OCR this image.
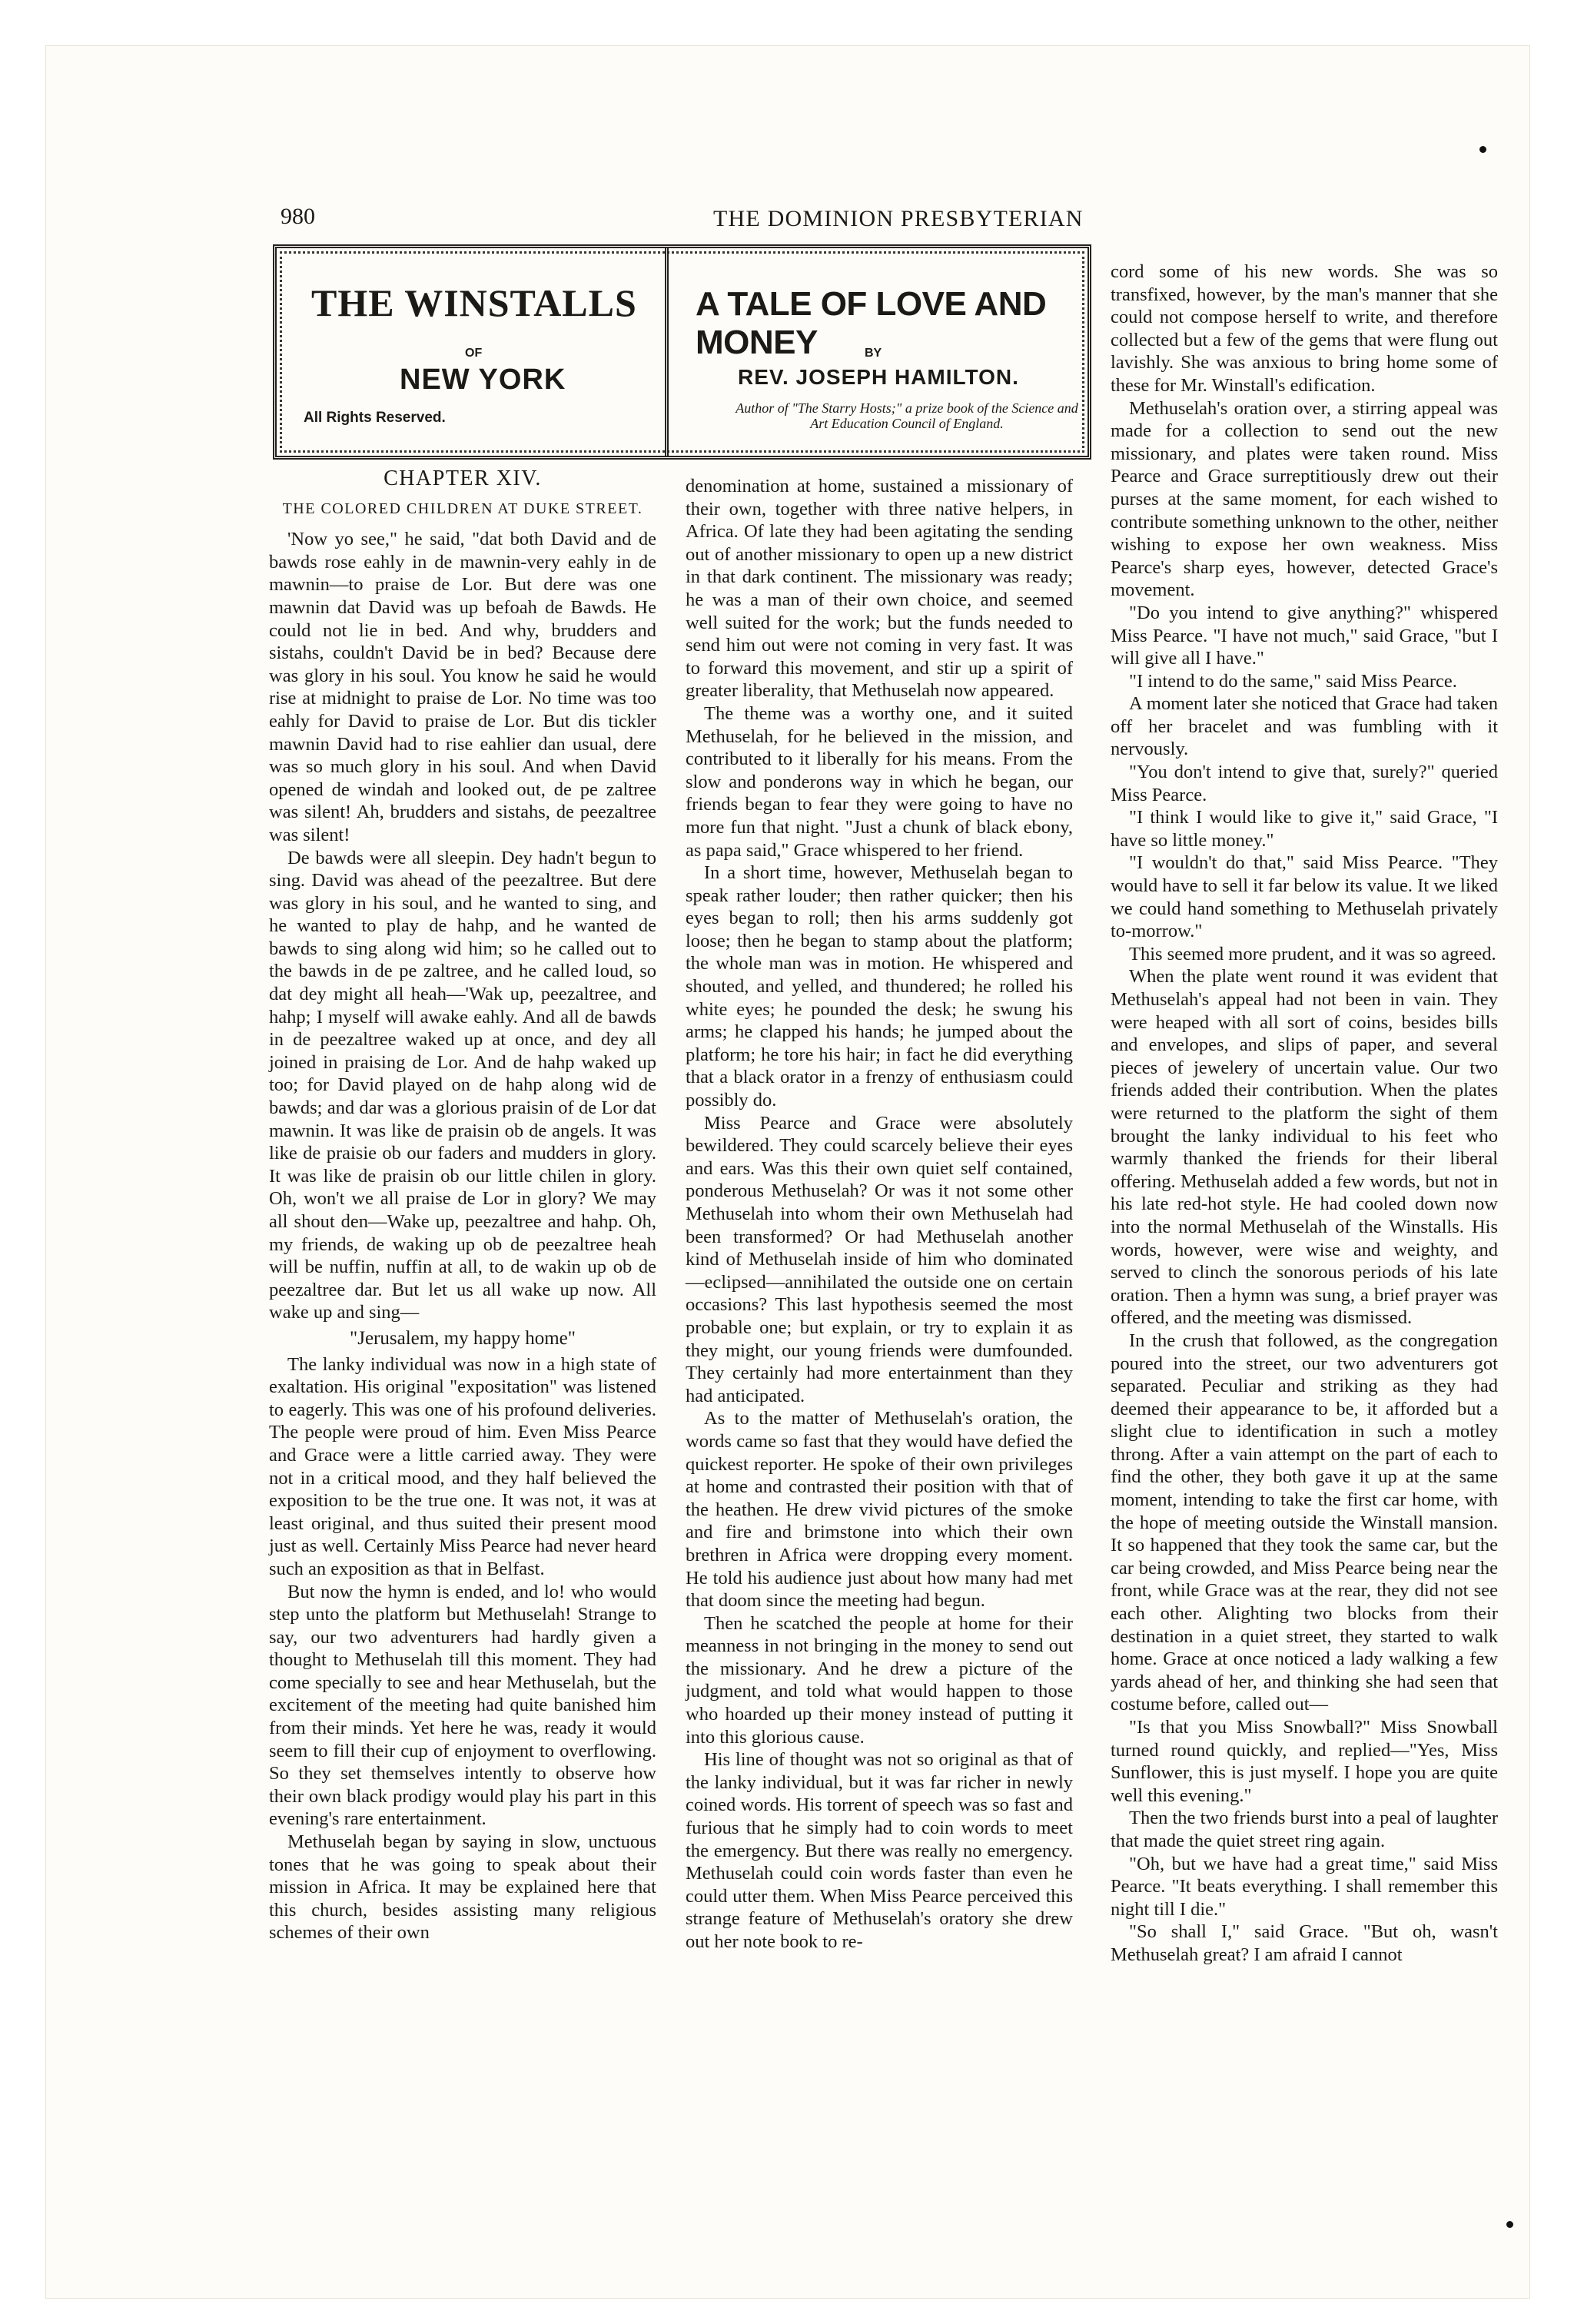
980	THE DOMINION PRESBYTERIAN
THE WINSTALLS
OF
NEW YORK
All Rights Reserved.
A TALE OF LOVE AND MONEY	BY
REV. JOSEPH HAMILTON.
Author of "The Starry Hosts;" a prize book of the Science and Art Education Council of England.
CHAPTER XIV.
THE COLORED CHILDREN AT DUKE STREET.

'Now yo see," he said, "dat both David and de bawds rose eahly in de mawnin-very eahly in de mawnin—to praise de Lor. But dere was one mawnin dat David was up befoah de Bawds. He could not lie in bed. And why, brudders and sistahs, couldn't David be in bed? Because dere was glory in his soul. You know he said he would rise at midnight to praise de Lor. No time was too eahly for David to praise de Lor. But dis tickler mawnin David had to rise eahlier dan usual, dere was so much glory in his soul. And when David opened de windah and looked out, de pe zaltree was silent! Ah, brudders and sistahs, de peezaltree was silent!

De bawds were all sleepin. Dey hadn't begun to sing. David was ahead of the peezaltree. But dere was glory in his soul, and he wanted to sing, and he wanted to play de hahp, and he wanted de bawds to sing along wid him; so he called out to the bawds in de pe zaltree, and he called loud, so dat dey might all heah—'Wak up, peezaltree, and hahp; I myself will awake eahly. And all de bawds in de peezaltree waked up at once, and dey all joined in praising de Lor. And de hahp waked up too; for David played on de hahp along wid de bawds; and dar was a glorious praisin of de Lor dat mawnin. It was like de praisin ob de angels. It was like de praisie ob our faders and mudders in glory. It was like de praisin ob our little chilen in glory. Oh, won't we all praise de Lor in glory? We may all shout den—Wake up, peezaltree and hahp. Oh, my friends, de waking up ob de peezaltree heah will be nuffin, nuffin at all, to de wakin up ob de peezaltree dar. But let us all wake up now. All wake up and sing—

"Jerusalem, my happy home"

The lanky individual was now in a high state of exaltation. His original "expositation" was listened to eagerly. This was one of his profound deliveries. The people were proud of him. Even Miss Pearce and Grace were a little carried away. They were not in a critical mood, and they half believed the exposition to be the true one. It was not, it was at least original, and thus suited their present mood just as well. Certainly Miss Pearce had never heard such an exposition as that in Belfast.

But now the hymn is ended, and lo! who would step unto the platform but Methuselah! Strange to say, our two adventurers had hardly given a thought to Methuselah till this moment. They had come specially to see and hear Methuselah, but the excitement of the meeting had quite banished him from their minds. Yet here he was, ready it would seem to fill their cup of enjoyment to overflowing. So they set themselves intently to observe how their own black prodigy would play his part in this evening's rare entertainment.

Methuselah began by saying in slow, unctuous tones that he was going to speak about their mission in Africa. It may be explained here that this church, besides assisting many religious schemes of their own

denomination at home, sustained a missionary of their own, together with three native helpers, in Africa. Of late they had been agitating the sending out of another missionary to open up a new district in that dark continent. The missionary was ready; he was a man of their own choice, and seemed well suited for the work; but the funds needed to send him out were not coming in very fast. It was to forward this movement, and stir up a spirit of greater liberality, that Methuselah now appeared.

The theme was a worthy one, and it suited Methuselah, for he believed in the mission, and contributed to it liberally for his means. From the slow and ponderons way in which he began, our friends began to fear they were going to have no more fun that night. "Just a chunk of black ebony, as papa said," Grace whispered to her friend.

In a short time, however, Methuselah began to speak rather louder; then rather quicker; then his eyes began to roll; then his arms suddenly got loose; then he began to stamp about the platform; the whole man was in motion. He whispered and shouted, and yelled, and thundered; he rolled his white eyes; he pounded the desk; he swung his arms; he clapped his hands; he jumped about the platform; he tore his hair; in fact he did everything that a black orator in a frenzy of enthusiasm could possibly do.

Miss Pearce and Grace were absolutely bewildered. They could scarcely believe their eyes and ears. Was this their own quiet self contained, ponderous Methuselah? Or was it not some other Methuselah into whom their own Methuselah had been transformed? Or had Methuselah another kind of Methuselah inside of him who dominated—eclipsed—annihilated the outside one on certain occasions? This last hypothesis seemed the most probable one; but explain, or try to explain it as they might, our young friends were dumfounded. They certainly had more entertainment than they had anticipated.

As to the matter of Methuselah's oration, the words came so fast that they would have defied the quickest reporter. He spoke of their own privileges at home and contrasted their position with that of the heathen. He drew vivid pictures of the smoke and fire and brimstone into which their own brethren in Africa were dropping every moment. He told his audience just about how many had met that doom since the meeting had begun.

Then he scatched the people at home for their meanness in not bringing in the money to send out the missionary. And he drew a picture of the judgment, and told what would happen to those who hoarded up their money instead of putting it into this glorious cause.

His line of thought was not so original as that of the lanky individual, but it was far richer in newly coined words. His torrent of speech was so fast and furious that he simply had to coin words to meet the emergency. But there was really no emergency. Methuselah could coin words faster than even he could utter them. When Miss Pearce perceived this strange feature of Methuselah's oratory she drew out her note book to re-

cord some of his new words. She was so transfixed, however, by the man's manner that she could not compose herself to write, and therefore collected but a few of the gems that were flung out lavishly. She was anxious to bring home some of these for Mr. Winstall's edification.

Methuselah's oration over, a stirring appeal was made for a collection to send out the new missionary, and plates were taken round. Miss Pearce and Grace surreptitiously drew out their purses at the same moment, for each wished to contribute something unknown to the other, neither wishing to expose her own weakness. Miss Pearce's sharp eyes, however, detected Grace's movement.

"Do you intend to give anything?" whispered Miss Pearce. "I have not much," said Grace, "but I will give all I have."

"I intend to do the same," said Miss Pearce.

A moment later she noticed that Grace had taken off her bracelet and was fumbling with it nervously.

"You don't intend to give that, surely?" queried Miss Pearce.

"I think I would like to give it," said Grace, "I have so little money."

"I wouldn't do that," said Miss Pearce. "They would have to sell it far below its value. It we liked we could hand something to Methuselah privately to-morrow."

This seemed more prudent, and it was so agreed.

When the plate went round it was evident that Methuselah's appeal had not been in vain. They were heaped with all sort of coins, besides bills and envelopes, and slips of paper, and several pieces of jewelery of uncertain value. Our two friends added their contribution. When the plates were returned to the platform the sight of them brought the lanky individual to his feet who warmly thanked the friends for their liberal offering. Methuselah added a few words, but not in his late red-hot style. He had cooled down now into the normal Methuselah of the Winstalls. His words, however, were wise and weighty, and served to clinch the sonorous periods of his late oration. Then a hymn was sung, a brief prayer was offered, and the meeting was dismissed.

In the crush that followed, as the congregation poured into the street, our two adventurers got separated. Peculiar and striking as they had deemed their appearance to be, it afforded but a slight clue to identification in such a motley throng. After a vain attempt on the part of each to find the other, they both gave it up at the same moment, intending to take the first car home, with the hope of meeting outside the Winstall mansion. It so happened that they took the same car, but the car being crowded, and Miss Pearce being near the front, while Grace was at the rear, they did not see each other. Alighting two blocks from their destination in a quiet street, they started to walk home. Grace at once noticed a lady walking a few yards ahead of her, and thinking she had seen that costume before, called out—

"Is that you Miss Snowball?" Miss Snowball turned round quickly, and replied—"Yes, Miss Sunflower, this is just myself. I hope you are quite well this evening."

Then the two friends burst into a peal of laughter that made the quiet street ring again.

"Oh, but we have had a great time," said Miss Pearce. "It beats everything. I shall remember this night till I die."

"So shall I," said Grace. "But oh, wasn't Methuselah great? I am afraid I cannot
